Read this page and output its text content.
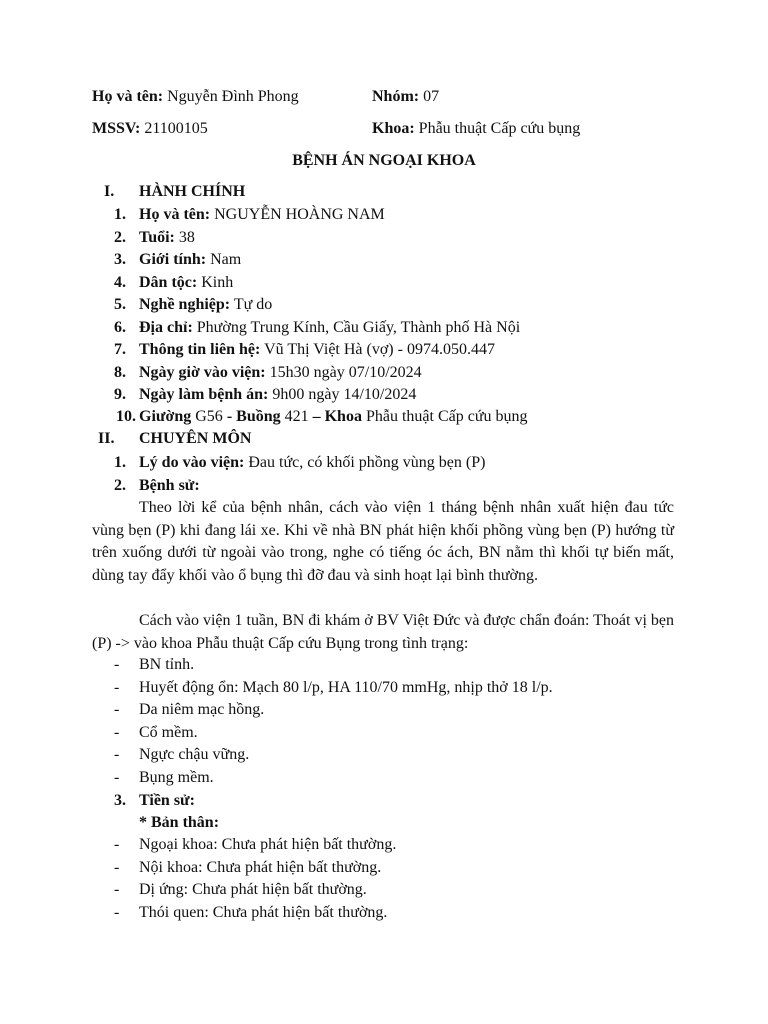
Họ và tên: Nguyễn Đình Phong	Nhóm: 07
MSSV: 21100105	Khoa: Phẫu thuật Cấp cứu bụng
BỆNH ÁN NGOẠI KHOA
I. HÀNH CHÍNH
1. Họ và tên: NGUYỄN HOÀNG NAM
2. Tuổi: 38
3. Giới tính: Nam
4. Dân tộc: Kinh
5. Nghề nghiệp: Tự do
6. Địa chỉ: Phường Trung Kính, Cầu Giấy, Thành phố Hà Nội
7. Thông tin liên hệ: Vũ Thị Việt Hà (vợ) - 0974.050.447
8. Ngày giờ vào viện: 15h30 ngày 07/10/2024
9. Ngày làm bệnh án: 9h00 ngày 14/10/2024
10. Giường G56 - Buồng 421 – Khoa Phẫu thuật Cấp cứu bụng
II. CHUYÊN MÔN
1. Lý do vào viện: Đau tức, có khối phồng vùng bẹn (P)
2. Bệnh sử:
Theo lời kể của bệnh nhân, cách vào viện 1 tháng bệnh nhân xuất hiện đau tức vùng bẹn (P) khi đang lái xe. Khi về nhà BN phát hiện khối phồng vùng bẹn (P) hướng từ trên xuống dưới từ ngoài vào trong, nghe có tiếng óc ách, BN nằm thì khối tự biến mất, dùng tay đẩy khối vào ổ bụng thì đỡ đau và sinh hoạt lại bình thường.
Cách vào viện 1 tuần, BN đi khám ở BV Việt Đức và được chẩn đoán: Thoát vị bẹn (P) -> vào khoa Phẫu thuật Cấp cứu Bụng trong tình trạng:
- BN tỉnh.
- Huyết động ổn: Mạch 80 l/p, HA 110/70 mmHg, nhịp thở 18 l/p.
- Da niêm mạc hồng.
- Cổ mềm.
- Ngực chậu vững.
- Bụng mềm.
3. Tiền sử:
* Bản thân:
- Ngoại khoa: Chưa phát hiện bất thường.
- Nội khoa: Chưa phát hiện bất thường.
- Dị ứng: Chưa phát hiện bất thường.
- Thói quen: Chưa phát hiện bất thường.
